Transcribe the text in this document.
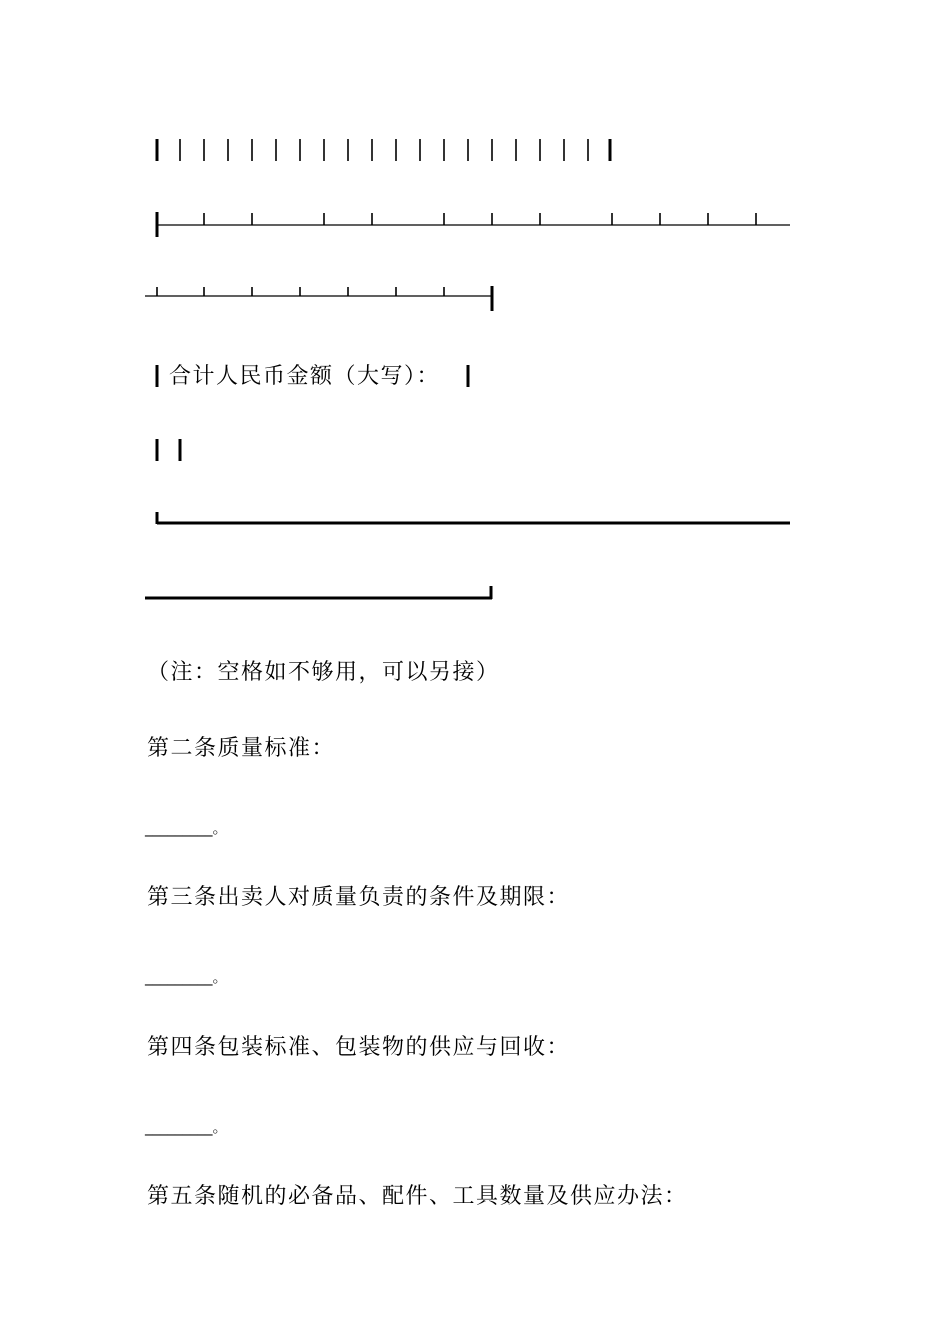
合计人民币金额（大写）：
（注：空格如不够用，可以另接）
第二条质量标准：
_________。
第三条出卖人对质量负责的条件及期限：
_________。
第四条包装标准、包装物的供应与回收：
_________。
第五条随机的必备品、配件、工具数量及供应办法：
